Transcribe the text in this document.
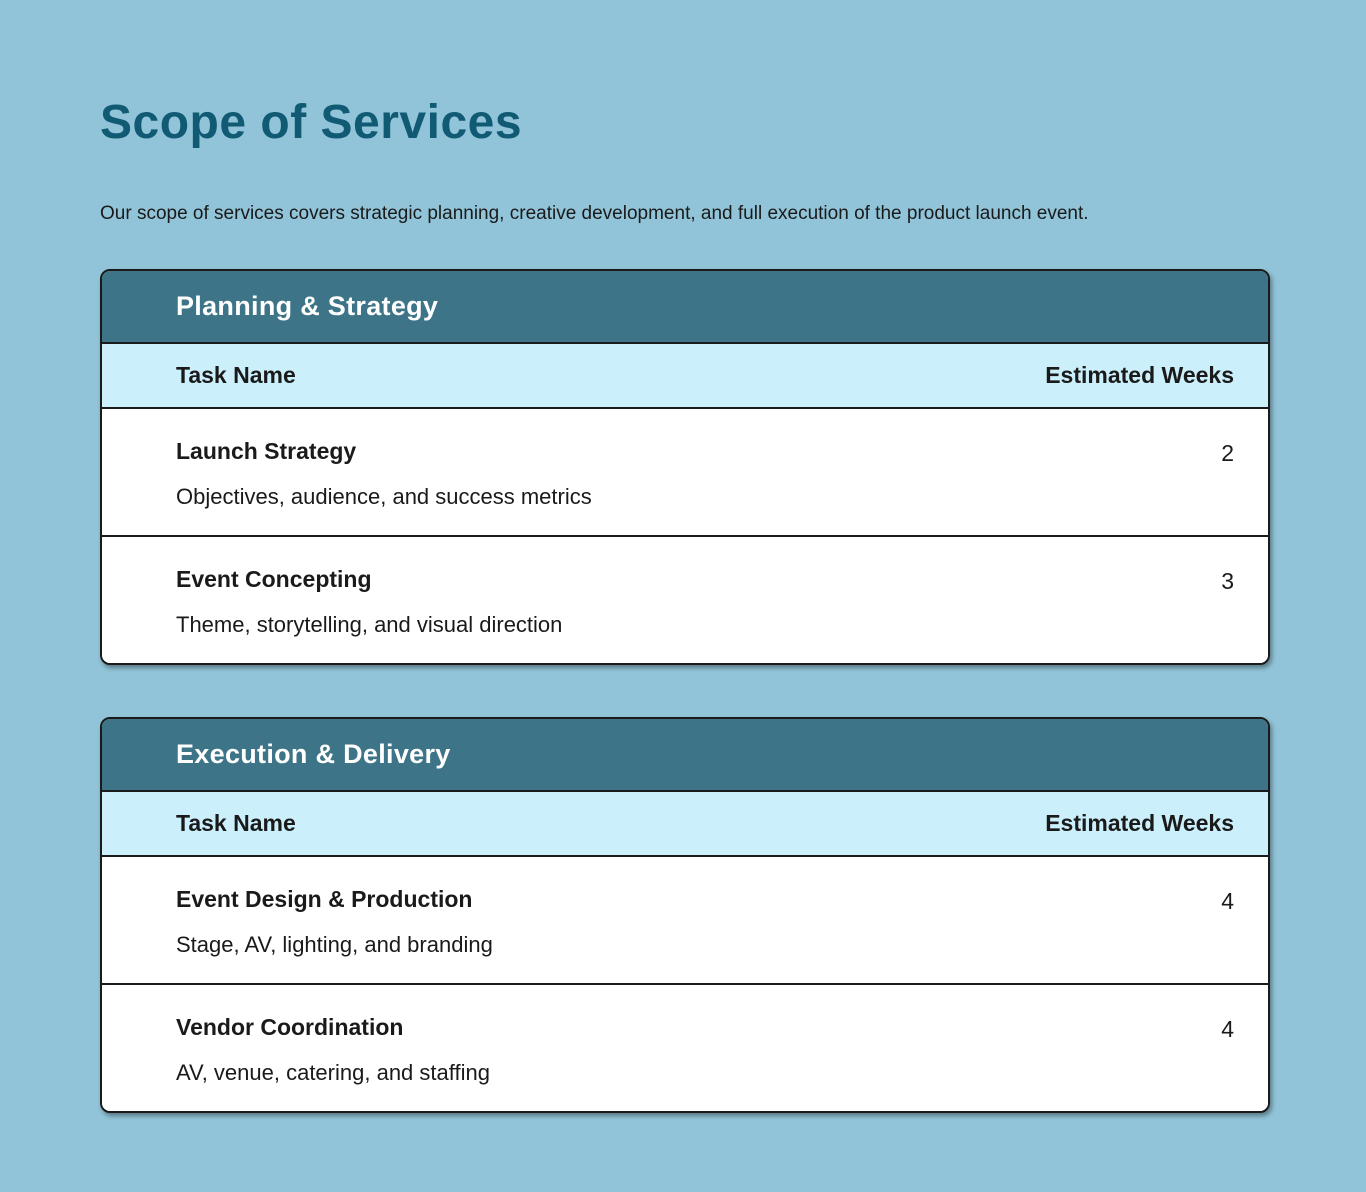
Scope of Services

Our scope of services covers strategic planning, creative development, and full execution of the product launch event.

Planning & Strategy
Task Name	Estimated Weeks

Launch Strategy

Objectives, audience, and success metrics

2

Event Concepting

Theme, storytelling, and visual direction

3
Execution & Delivery
Task Name	Estimated Weeks

Event Design & Production

Stage, AV, lighting, and branding

4

Vendor Coordination

AV, venue, catering, and staffing

4
